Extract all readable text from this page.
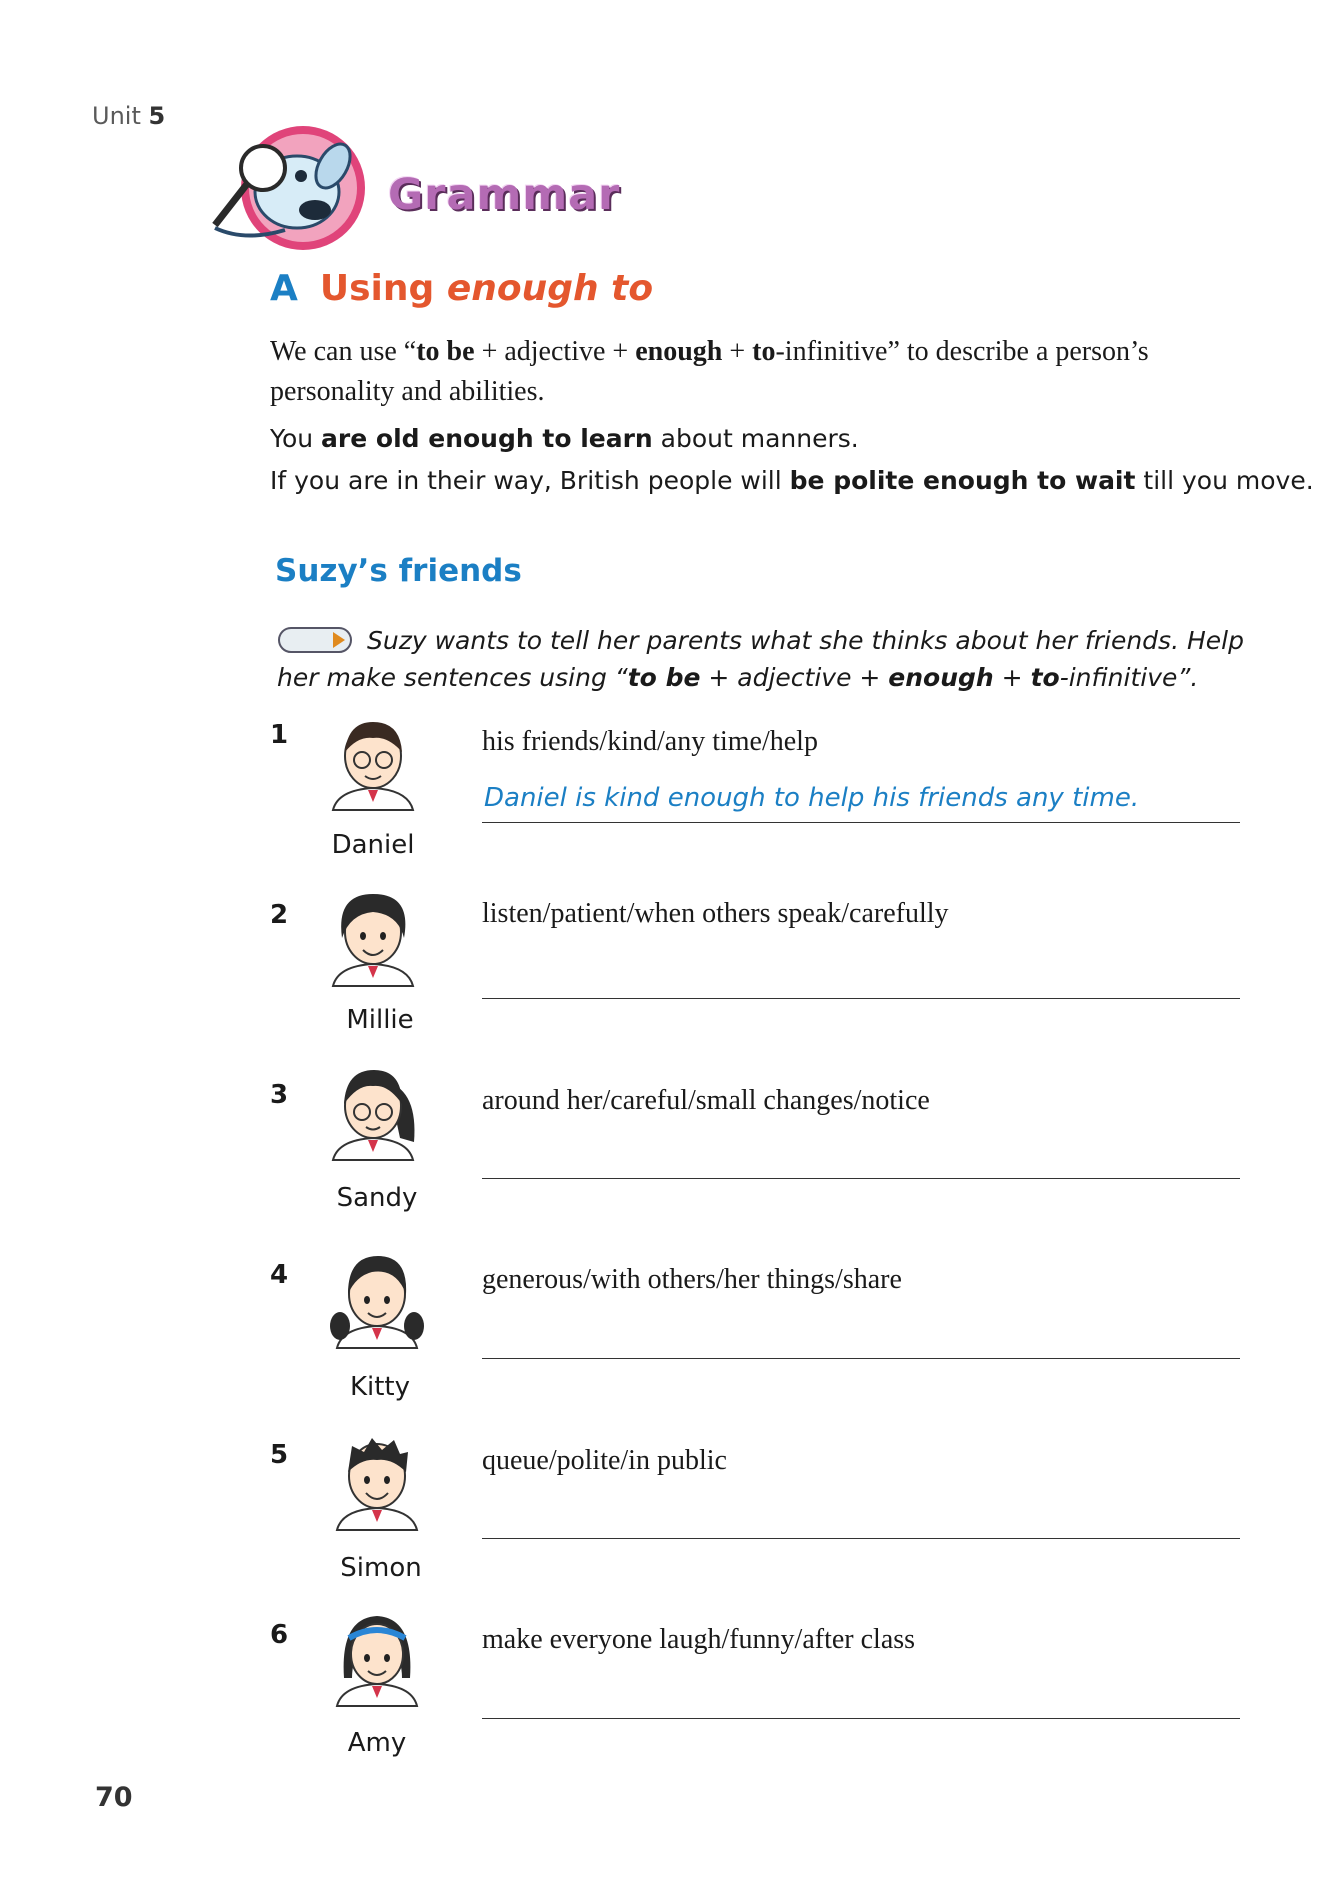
Unit 5
Grammar
A Using enough to
We can use “to be + adjective + enough + to-infinitive” to describe a person’s personality and abilities.
You are old enough to learn about manners.
If you are in their way, British people will be polite enough to wait till you move.
Suzy’s friends
Suzy wants to tell her parents what she thinks about her friends. Help her make sentences using “to be + adjective + enough + to-infinitive”.
1
Daniel
his friends/kind/any time/help
Daniel is kind enough to help his friends any time.
2
Millie
listen/patient/when others speak/carefully
3
Sandy
around her/careful/small changes/notice
4
Kitty
generous/with others/her things/share
5
Simon
queue/polite/in public
6
Amy
make everyone laugh/funny/after class
70
